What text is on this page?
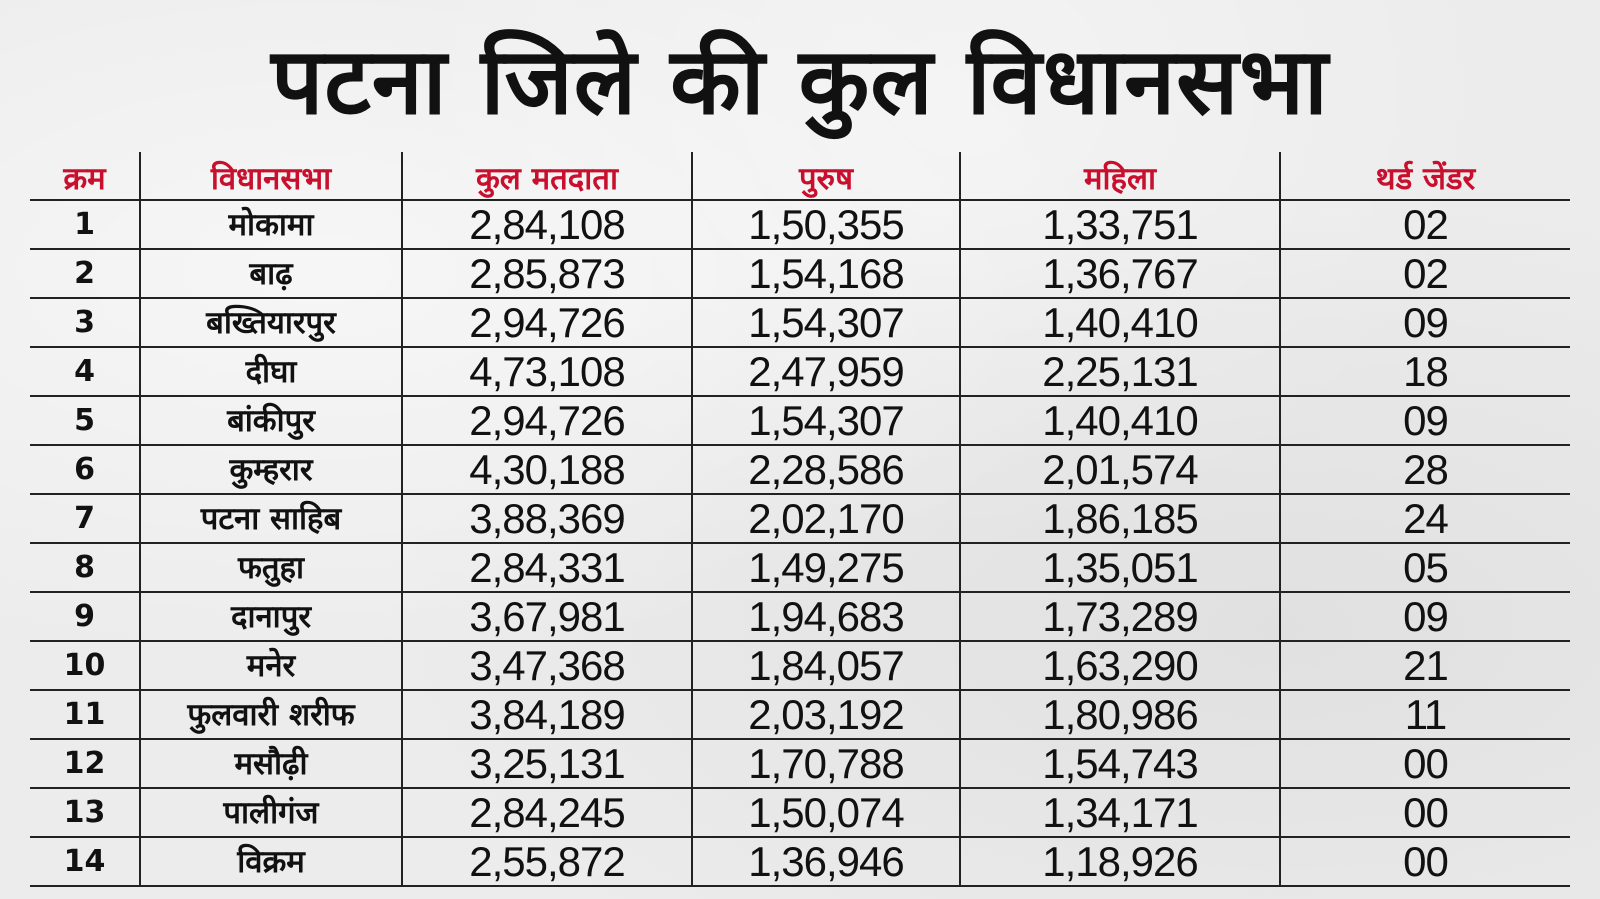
पटना जिले की कुल विधानसभा
क्रम	विधानसभा	कुल मतदाता	पुरुष	महिला	थर्ड जेंडर
1	मोकामा	2,84,108	1,50,355	1,33,751	02
2	बाढ़	2,85,873	1,54,168	1,36,767	02
3	बख्तियारपुर	2,94,726	1,54,307	1,40,410	09
4	दीघा	4,73,108	2,47,959	2,25,131	18
5	बांकीपुर	2,94,726	1,54,307	1,40,410	09
6	कुम्हरार	4,30,188	2,28,586	2,01,574	28
7	पटना साहिब	3,88,369	2,02,170	1,86,185	24
8	फतुहा	2,84,331	1,49,275	1,35,051	05
9	दानापुर	3,67,981	1,94,683	1,73,289	09
10	मनेर	3,47,368	1,84,057	1,63,290	21
11	फुलवारी शरीफ	3,84,189	2,03,192	1,80,986	11
12	मसौढ़ी	3,25,131	1,70,788	1,54,743	00
13	पालीगंज	2,84,245	1,50,074	1,34,171	00
14	विक्रम	2,55,872	1,36,946	1,18,926	00
